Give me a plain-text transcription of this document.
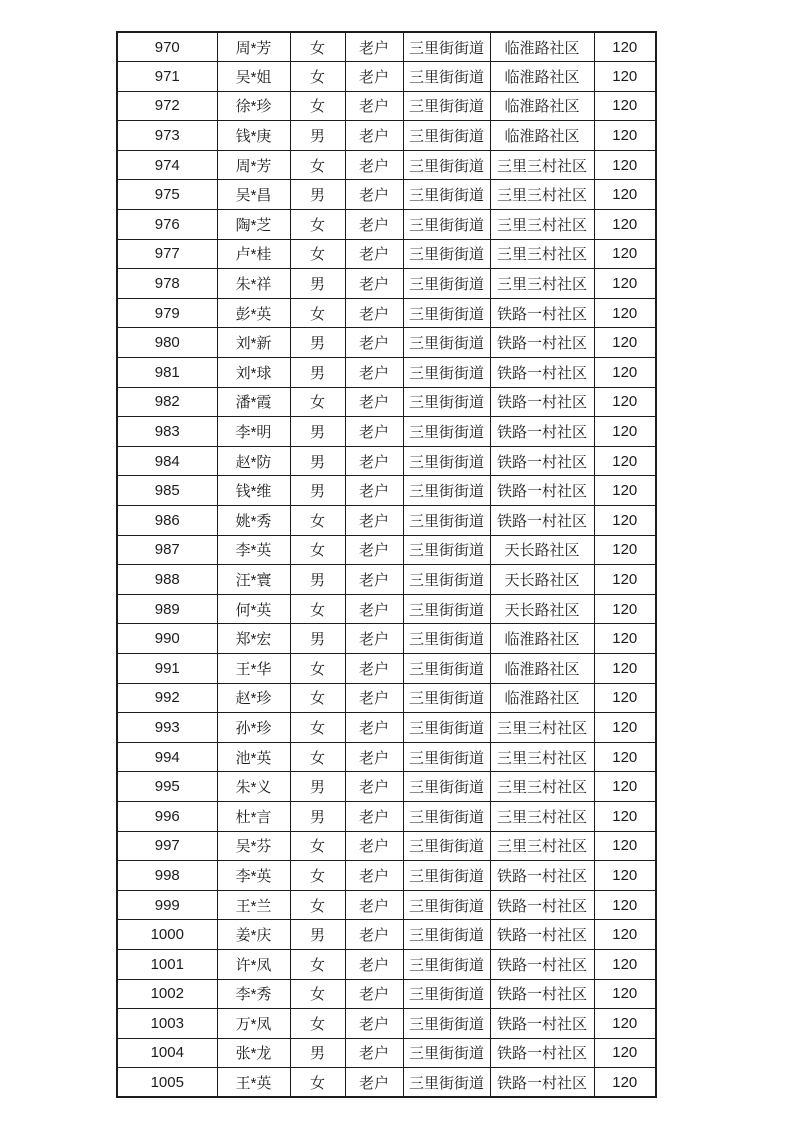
970	周*芳	女	老户	三里街街道	临淮路社区	120
971	吴*姐	女	老户	三里街街道	临淮路社区	120
972	徐*珍	女	老户	三里街街道	临淮路社区	120
973	钱*庚	男	老户	三里街街道	临淮路社区	120
974	周*芳	女	老户	三里街街道	三里三村社区	120
975	吴*昌	男	老户	三里街街道	三里三村社区	120
976	陶*芝	女	老户	三里街街道	三里三村社区	120
977	卢*桂	女	老户	三里街街道	三里三村社区	120
978	朱*祥	男	老户	三里街街道	三里三村社区	120
979	彭*英	女	老户	三里街街道	铁路一村社区	120
980	刘*新	男	老户	三里街街道	铁路一村社区	120
981	刘*球	男	老户	三里街街道	铁路一村社区	120
982	潘*霞	女	老户	三里街街道	铁路一村社区	120
983	李*明	男	老户	三里街街道	铁路一村社区	120
984	赵*防	男	老户	三里街街道	铁路一村社区	120
985	钱*维	男	老户	三里街街道	铁路一村社区	120
986	姚*秀	女	老户	三里街街道	铁路一村社区	120
987	李*英	女	老户	三里街街道	天长路社区	120
988	汪*寰	男	老户	三里街街道	天长路社区	120
989	何*英	女	老户	三里街街道	天长路社区	120
990	郑*宏	男	老户	三里街街道	临淮路社区	120
991	王*华	女	老户	三里街街道	临淮路社区	120
992	赵*珍	女	老户	三里街街道	临淮路社区	120
993	孙*珍	女	老户	三里街街道	三里三村社区	120
994	池*英	女	老户	三里街街道	三里三村社区	120
995	朱*义	男	老户	三里街街道	三里三村社区	120
996	杜*言	男	老户	三里街街道	三里三村社区	120
997	吴*芬	女	老户	三里街街道	三里三村社区	120
998	李*英	女	老户	三里街街道	铁路一村社区	120
999	王*兰	女	老户	三里街街道	铁路一村社区	120
1000	姜*庆	男	老户	三里街街道	铁路一村社区	120
1001	许*凤	女	老户	三里街街道	铁路一村社区	120
1002	李*秀	女	老户	三里街街道	铁路一村社区	120
1003	万*凤	女	老户	三里街街道	铁路一村社区	120
1004	张*龙	男	老户	三里街街道	铁路一村社区	120
1005	王*英	女	老户	三里街街道	铁路一村社区	120
